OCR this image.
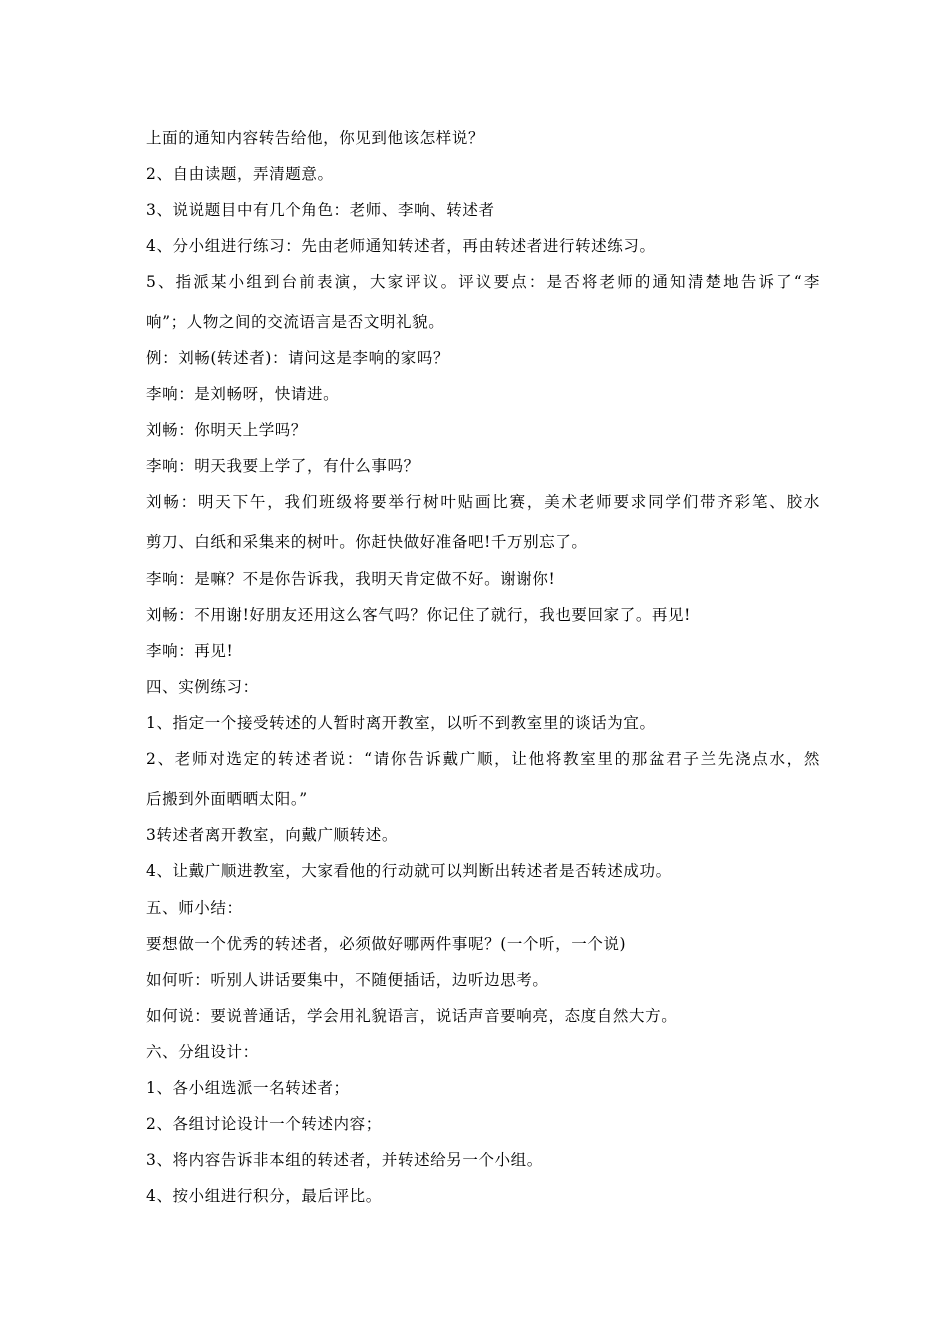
上面的通知内容转告给他，你见到他该怎样说？
2、自由读题，弄清题意。
3、说说题目中有几个角色：老师、李响、转述者
4、分小组进行练习：先由老师通知转述者，再由转述者进行转述练习。
5、指派某小组到台前表演，大家评议。评议要点：是否将老师的通知清楚地告诉了“李
响”；人物之间的交流语言是否文明礼貌。
例：刘畅(转述者)：请问这是李响的家吗？
李响：是刘畅呀，快请进。
刘畅：你明天上学吗？
李响：明天我要上学了，有什么事吗？
刘畅：明天下午，我们班级将要举行树叶贴画比赛，美术老师要求同学们带齐彩笔、胶水
剪刀、白纸和采集来的树叶。你赶快做好准备吧!千万别忘了。
李响：是嘛？不是你告诉我，我明天肯定做不好。谢谢你!
刘畅：不用谢!好朋友还用这么客气吗？你记住了就行，我也要回家了。再见!
李响：再见!
四、实例练习：
1、指定一个接受转述的人暂时离开教室，以听不到教室里的谈话为宜。
2、老师对选定的转述者说：“请你告诉戴广顺，让他将教室里的那盆君子兰先浇点水，然
后搬到外面晒晒太阳。”
3转述者离开教室，向戴广顺转述。
4、让戴广顺进教室，大家看他的行动就可以判断出转述者是否转述成功。
五、师小结：
要想做一个优秀的转述者，必须做好哪两件事呢？(一个听，一个说)
如何听：听别人讲话要集中，不随便插话，边听边思考。
如何说：要说普通话，学会用礼貌语言，说话声音要响亮，态度自然大方。
六、分组设计：
1、各小组选派一名转述者；
2、各组讨论设计一个转述内容；
3、将内容告诉非本组的转述者，并转述给另一个小组。
4、按小组进行积分，最后评比。
